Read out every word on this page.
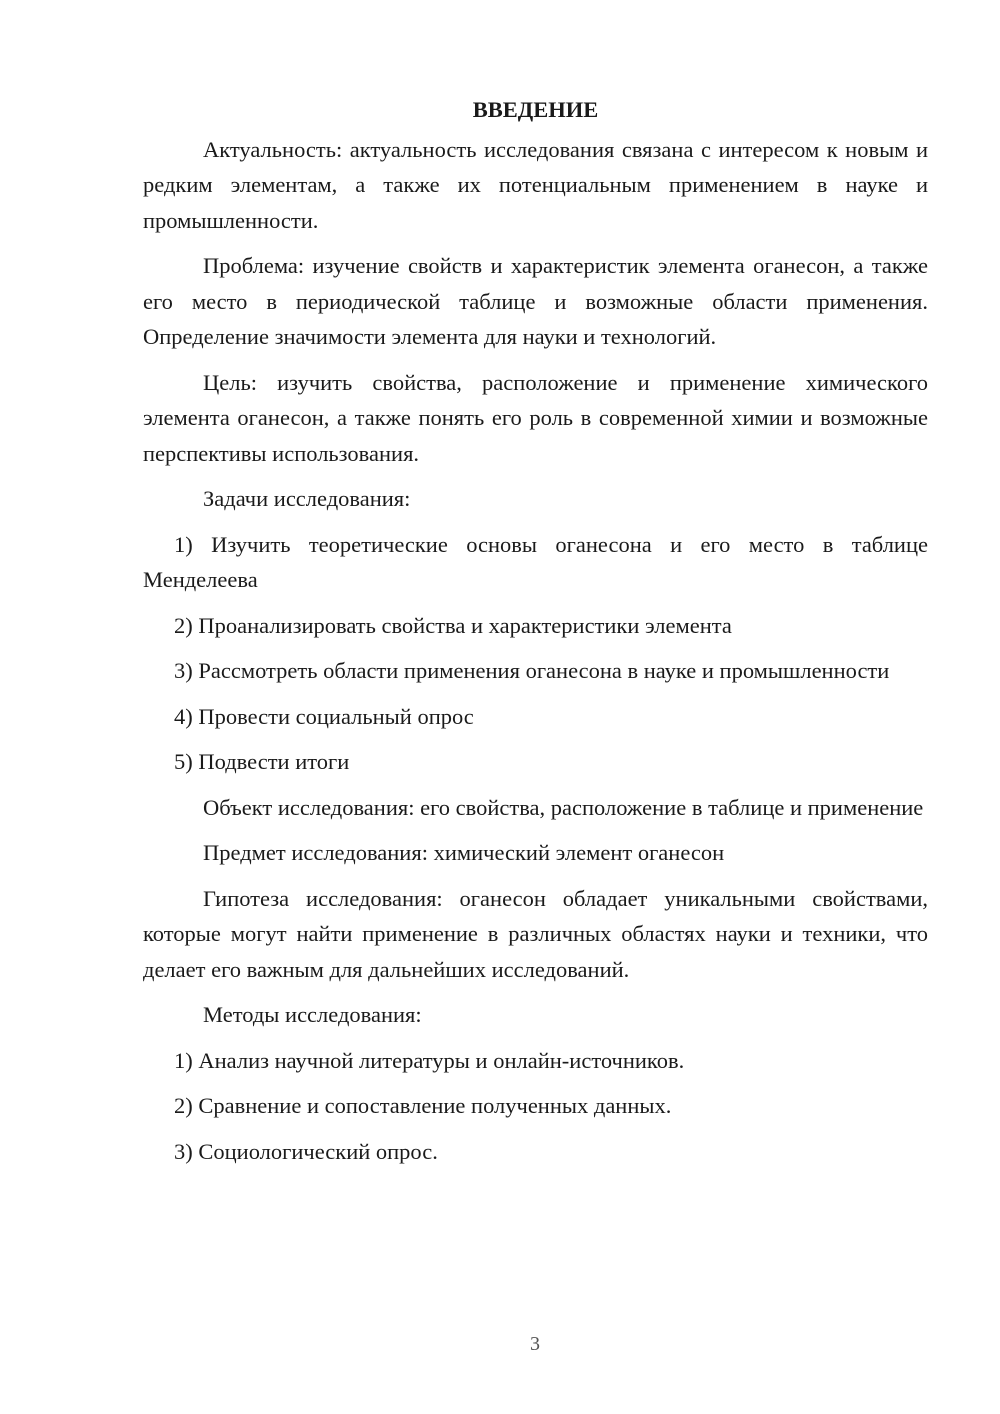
ВВЕДЕНИЕ

Актуальность: актуальность исследования связана с интересом к новым и редким элементам, а также их потенциальным применением в науке и промышленности.

Проблема: изучение свойств и характеристик элемента оганесон, а также его место в периодической таблице и возможные области применения. Определение значимости элемента для науки и технологий.

Цель: изучить свойства, расположение и применение химического элемента оганесон, а также понять его роль в современной химии и возможные перспективы использования.

Задачи исследования:

1) Изучить теоретические основы оганесона и его место в таблице Менделеева

2) Проанализировать свойства и характеристики элемента

3) Рассмотреть области применения оганесона в науке и промышленности

4) Провести социальный опрос

5) Подвести итоги

Объект исследования: его свойства, расположение в таблице и применение

Предмет исследования: химический элемент оганесон

Гипотеза исследования: оганесон обладает уникальными свойствами, которые могут найти применение в различных областях науки и техники, что делает его важным для дальнейших исследований.

Методы исследования:

1) Анализ научной литературы и онлайн-источников.

2) Сравнение и сопоставление полученных данных.

3) Социологический опрос.

3
